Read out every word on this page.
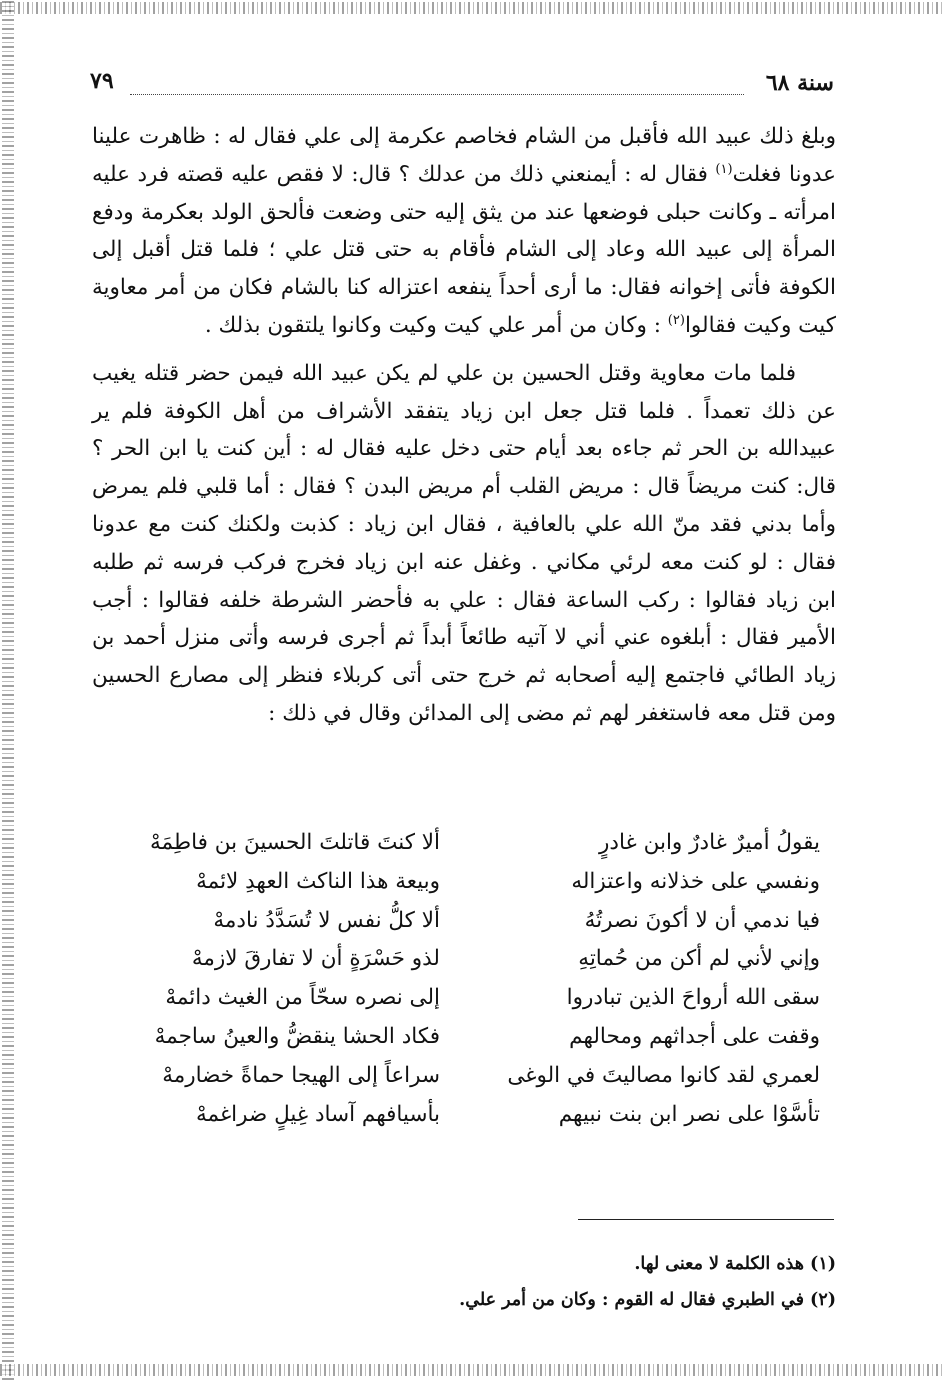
٧٩	سنة ٦٨

وبلغ ذلك عبيد الله فأقبل من الشام فخاصم عكرمة إلى علي فقال له : ظاهرت علينا عدونا فغلت$^{(١)}$ فقال له : أيمنعني ذلك من عدلك ؟ قال: لا فقص عليه قصته فرد عليه امرأته ـ وكانت حبلى فوضعها عند من يثق إليه حتى وضعت فألحق الولد بعكرمة ودفع المرأة إلى عبيد الله وعاد إلى الشام فأقام به حتى قتل علي ؛ فلما قتل أقبل إلى الكوفة فأتى إخوانه فقال: ما أرى أحداً ينفعه اعتزاله كنا بالشام فكان من أمر معاوية كيت وكيت فقالوا$^{(٢)}$ : وكان من أمر علي كيت وكيت وكانوا يلتقون بذلك .

فلما مات معاوية وقتل الحسين بن علي لم يكن عبيد الله فيمن حضر قتله يغيب عن ذلك تعمداً . فلما قتل جعل ابن زياد يتفقد الأشراف من أهل الكوفة فلم ير عبيدالله بن الحر ثم جاءه بعد أيام حتى دخل عليه فقال له : أين كنت يا ابن الحر ؟ قال: كنت مريضاً قال : مريض القلب أم مريض البدن ؟ فقال : أما قلبي فلم يمرض وأما بدني فقد منّ الله علي بالعافية ، فقال ابن زياد : كذبت ولكنك كنت مع عدونا فقال : لو كنت معه لرئي مكاني . وغفل عنه ابن زياد فخرج فركب فرسه ثم طلبه ابن زياد فقالوا : ركب الساعة فقال : علي به فأحضر الشرطة خلفه فقالوا : أجب الأمير فقال : أبلغوه عني أني لا آتيه طائعاً أبداً ثم أجرى فرسه وأتى منزل أحمد بن زياد الطائي فاجتمع إليه أصحابه ثم خرج حتى أتى كربلاء فنظر إلى مصارع الحسين ومن قتل معه فاستغفر لهم ثم مضى إلى المدائن وقال في ذلك :

يقولُ أميرٌ غادرٌ وابن غادرٍ
ألا كنتَ قاتلتَ الحسينَ بن فاطِمَهْ
ونفسي على خذلانه واعتزاله
وبيعة هذا الناكث العهدِ لائمهْ
فيا ندمي أن لا أكونَ نصرتُهُ
ألا كلُّ نفس لا تُسَدَّدُ نادمهْ
وإني لأني لم أكن من حُماتِهِ
لذو حَسْرَةٍ أن لا تفارقَ لازمهْ
سقى الله أرواحَ الذين تبادروا
إلى نصره سحّاً من الغيث دائمهْ
وقفت على أجداثهم ومحالهم
فكاد الحشا ينقضُّ والعينُ ساجمهْ
لعمري لقد كانوا مصاليتَ في الوغى
سراعاً إلى الهيجا حماةً خضارمهْ
تأسَّوْا على نصر ابن بنت نبيهم
بأسيافهم آساد غِيلٍ ضراغمهْ
(١) هذه الكلمة لا معنى لها.
(٢) في الطبري فقال له القوم : وكان من أمر علي.
